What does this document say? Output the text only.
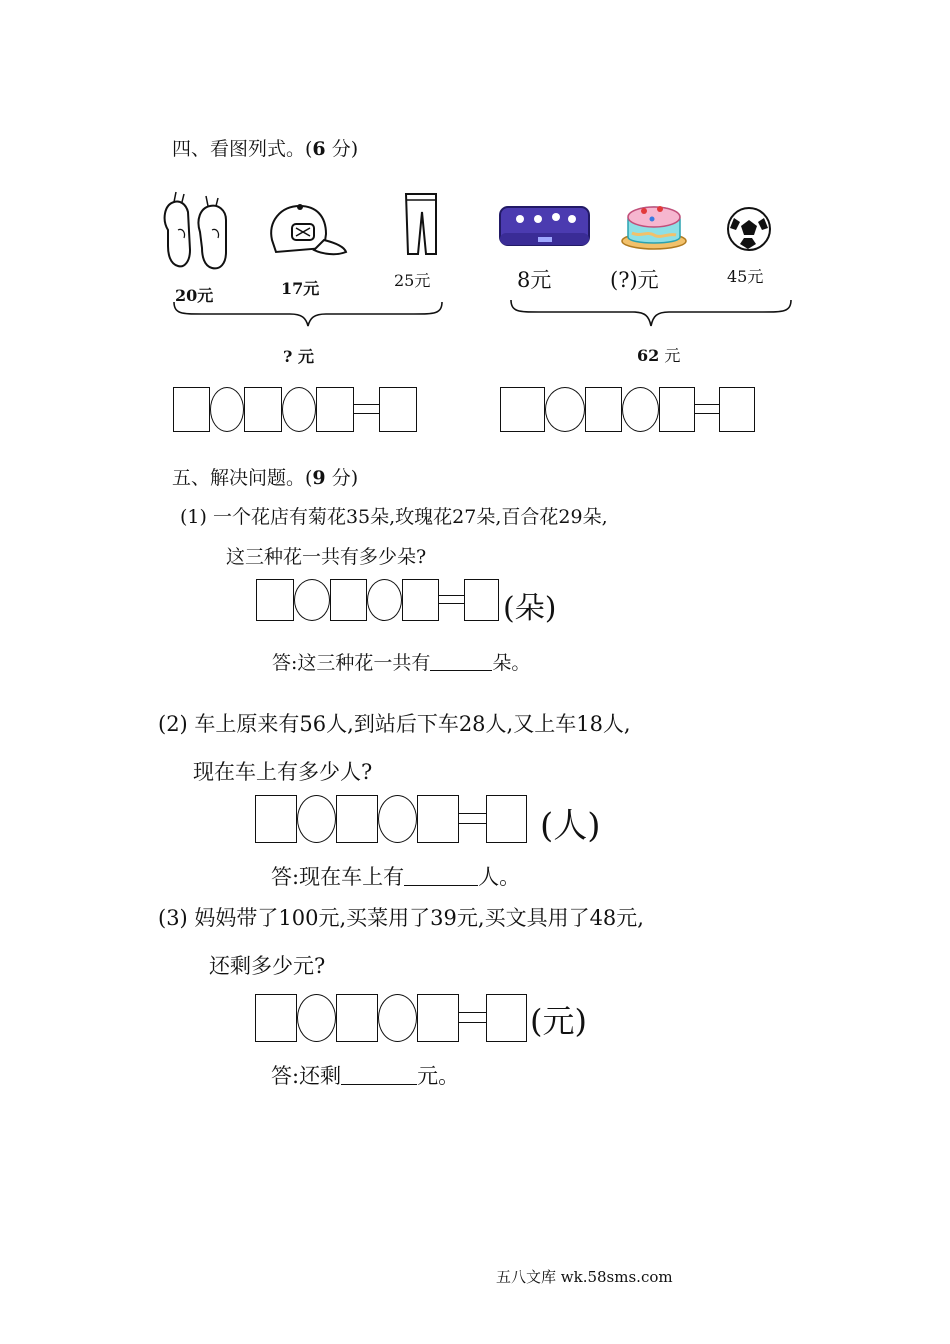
四、看图列式。(6 分)
20元	17元	25元
? 元
8元	(?)元	45元
62 元
五、解决问题。(9 分)
(1) 一个花店有菊花35朵,玫瑰花27朵,百合花29朵,
这三种花一共有多少朵?
(朵)
答:这三种花一共有	朵。
(2) 车上原来有56人,到站后下车28人,又上车18人,
现在车上有多少人?
(人)
答:现在车上有	人。
(3) 妈妈带了100元,买菜用了39元,买文具用了48元,
还剩多少元?
(元)
答:还剩	元。
五八文库 wk.58sms.com
